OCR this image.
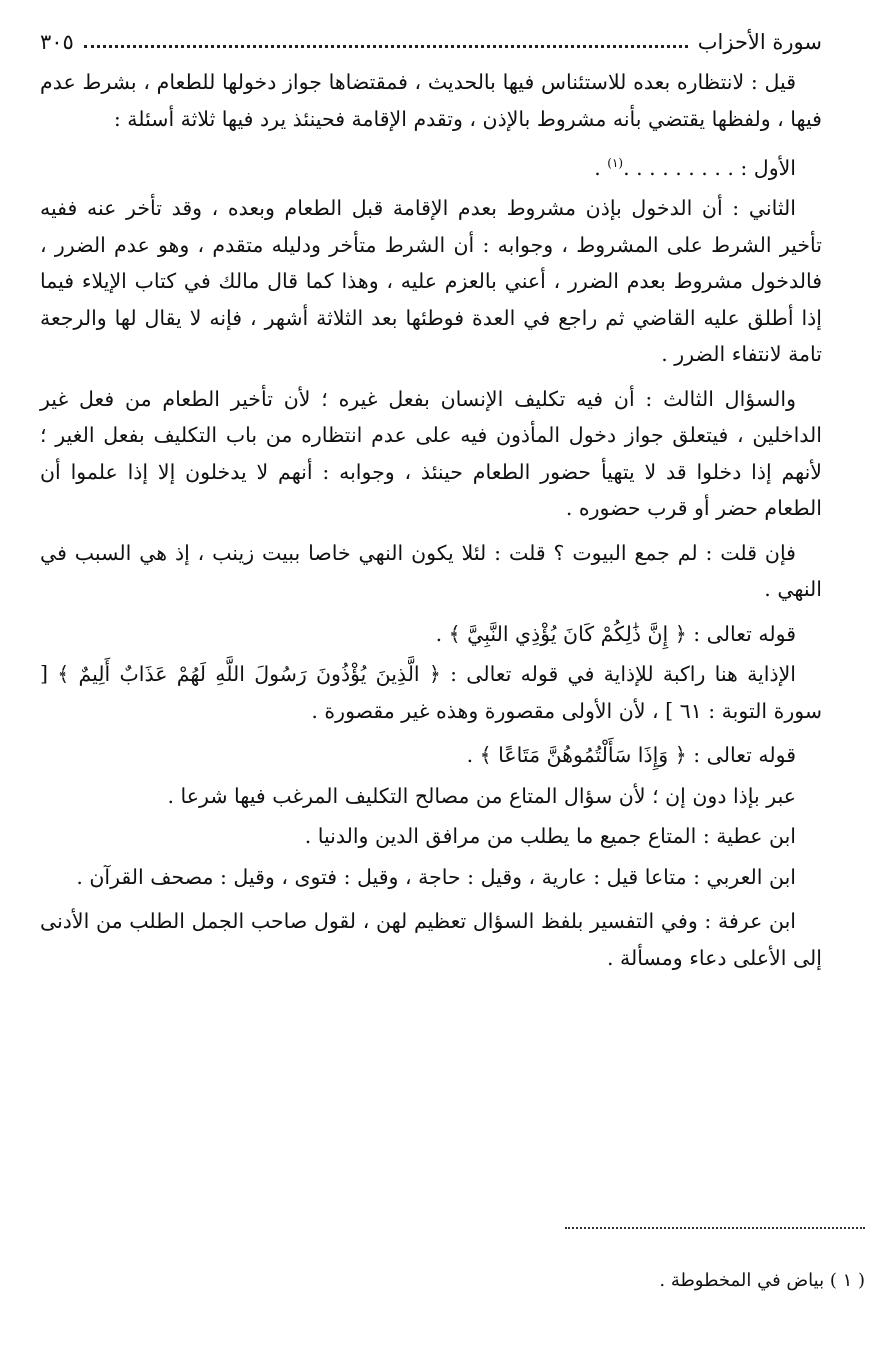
سورة الأحزاب
٣٠٥

قيل : لانتظاره بعده للاستئناس فيها بالحديث ، فمقتضاها جواز دخولها للطعام ، بشرط عدم فيها ، ولفظها يقتضي بأنه مشروط بالإذن ، وتقدم الإقامة فحينئذ يرد فيها ثلاثة أسئلة :

الأول : . . . . . . . . .$^{(١)}$ .

الثاني : أن الدخول بإذن مشروط بعدم الإقامة قبل الطعام وبعده ، وقد تأخر عنه ففيه تأخير الشرط على المشروط ، وجوابه : أن الشرط متأخر ودليله متقدم ، وهو عدم الضرر ، فالدخول مشروط بعدم الضرر ، أعني بالعزم عليه ، وهذا كما قال مالك في كتاب الإيلاء فيما إذا أطلق عليه القاضي ثم راجع في العدة فوطئها بعد الثلاثة أشهر ، فإنه لا يقال لها والرجعة تامة لانتفاء الضرر .

والسؤال الثالث : أن فيه تكليف الإنسان بفعل غيره ؛ لأن تأخير الطعام من فعل غير الداخلين ، فيتعلق جواز دخول المأذون فيه على عدم انتظاره من باب التكليف بفعل الغير ؛ لأنهم إذا دخلوا قد لا يتهيأ حضور الطعام حينئذ ، وجوابه : أنهم لا يدخلون إلا إذا علموا أن الطعام حضر أو قرب حضوره .

فإن قلت : لم جمع البيوت ؟ قلت : لئلا يكون النهي خاصا ببيت زينب ، إذ هي السبب في النهي .

قوله تعالى : ﴿ إِنَّ ذَٰلِكُمْ كَانَ يُؤْذِي النَّبِيَّ ﴾ .

الإذاية هنا راكبة للإذاية في قوله تعالى : ﴿ الَّذِينَ يُؤْذُونَ رَسُولَ اللَّهِ لَهُمْ عَذَابٌ أَلِيمٌ ﴾ [ سورة التوبة : ٦١ ] ، لأن الأولى مقصورة وهذه غير مقصورة .

قوله تعالى : ﴿ وَإِذَا سَأَلْتُمُوهُنَّ مَتَاعًا ﴾ .

عبر بإذا دون إن ؛ لأن سؤال المتاع من مصالح التكليف المرغب فيها شرعا .

ابن عطية : المتاع جميع ما يطلب من مرافق الدين والدنيا .

ابن العربي : متاعا قيل : عارية ، وقيل : حاجة ، وقيل : فتوى ، وقيل : مصحف القرآن .

ابن عرفة : وفي التفسير بلفظ السؤال تعظيم لهن ، لقول صاحب الجمل الطلب من الأدنى إلى الأعلى دعاء ومسألة .

( ١ ) بياض في المخطوطة .
